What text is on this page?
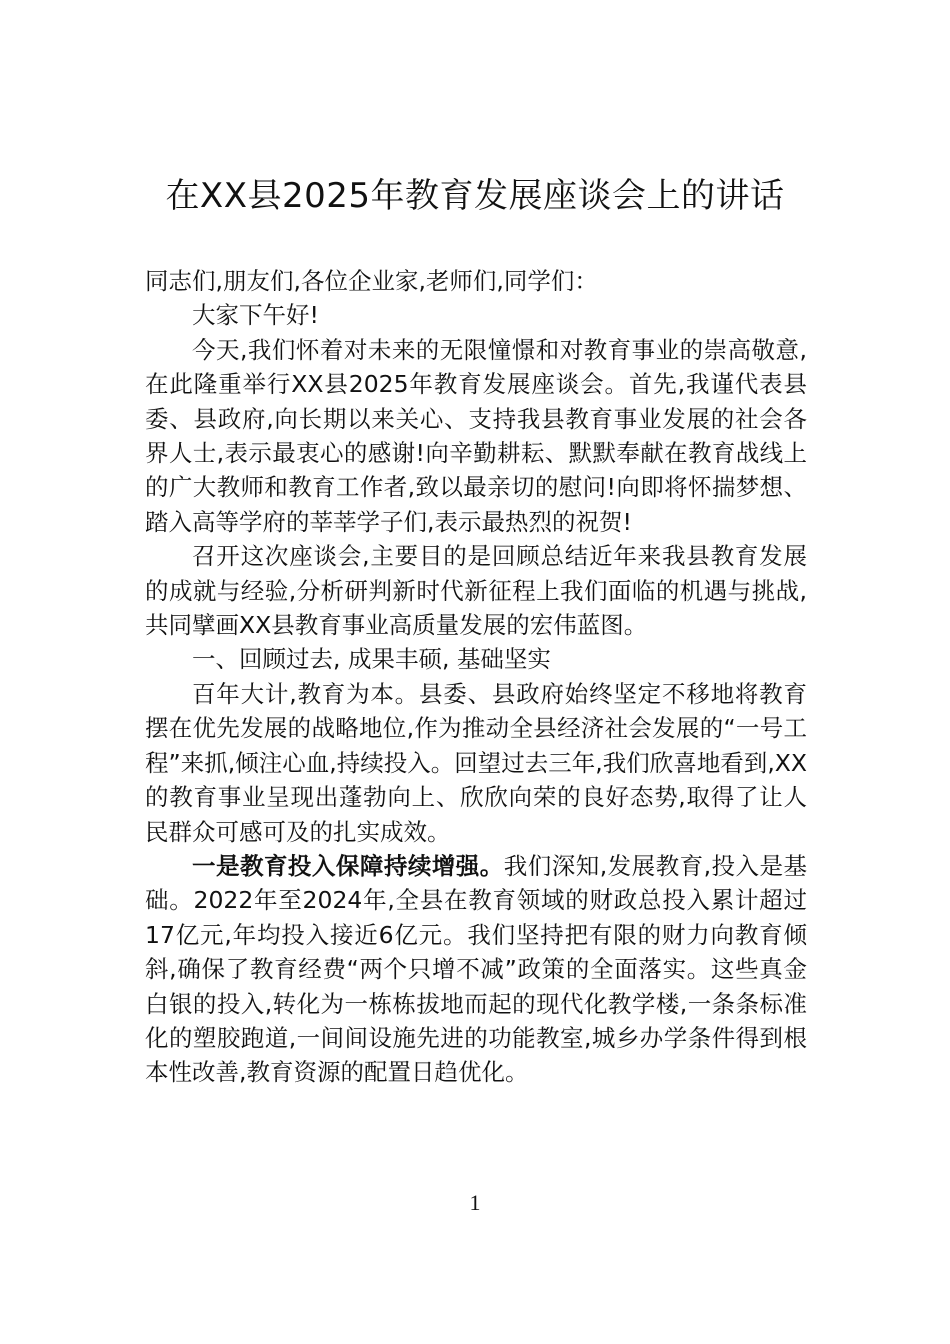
在XX县2025年教育发展座谈会上的讲话

同志们,朋友们,各位企业家,老师们,同学们：

大家下午好!

今天,我们怀着对未来的无限憧憬和对教育事业的崇高敬意,在此隆重举行XX县2025年教育发展座谈会。首先,我谨代表县委、县政府,向长期以来关心、支持我县教育事业发展的社会各界人士,表示最衷心的感谢!向辛勤耕耘、默默奉献在教育战线上的广大教师和教育工作者,致以最亲切的慰问!向即将怀揣梦想、踏入高等学府的莘莘学子们,表示最热烈的祝贺!

召开这次座谈会,主要目的是回顾总结近年来我县教育发展的成就与经验,分析研判新时代新征程上我们面临的机遇与挑战,共同擘画XX县教育事业高质量发展的宏伟蓝图。

一、回顾过去, 成果丰硕, 基础坚实

百年大计,教育为本。县委、县政府始终坚定不移地将教育摆在优先发展的战略地位,作为推动全县经济社会发展的“一号工程”来抓,倾注心血,持续投入。回望过去三年,我们欣喜地看到,XX的教育事业呈现出蓬勃向上、欣欣向荣的良好态势,取得了让人民群众可感可及的扎实成效。

一是教育投入保障持续增强。我们深知,发展教育,投入是基础。2022年至2024年,全县在教育领域的财政总投入累计超过17亿元,年均投入接近6亿元。我们坚持把有限的财力向教育倾斜,确保了教育经费“两个只增不减”政策的全面落实。这些真金白银的投入,转化为一栋栋拔地而起的现代化教学楼,一条条标准化的塑胶跑道,一间间设施先进的功能教室,城乡办学条件得到根本性改善,教育资源的配置日趋优化。

1
